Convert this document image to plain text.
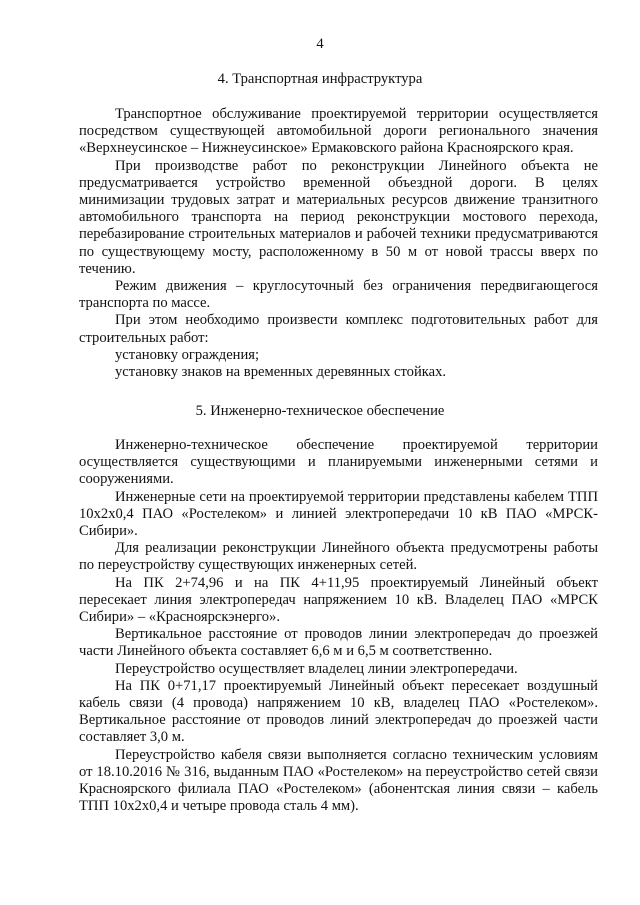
4
4. Транспортная инфраструктура

Транспортное обслуживание проектируемой территории осуществляется посредством существующей автомобильной дороги регионального значения «Верхнеусинское – Нижнеусинское» Ермаковского района Красноярского края.

При производстве работ по реконструкции Линейного объекта не предусматривается устройство временной объездной дороги. В целях минимизации трудовых затрат и материальных ресурсов движение транзитного автомобильного транспорта на период реконструкции мостового перехода, перебазирование строительных материалов и рабочей техники предусматриваются по существующему мосту, расположенному в 50 м от новой трассы вверх по течению.

Режим движения – круглосуточный без ограничения передвигающегося транспорта по массе.

При этом необходимо произвести комплекс подготовительных работ для строительных работ:

установку ограждения;

установку знаков на временных деревянных стойках.

5. Инженерно-техническое обеспечение

Инженерно-техническое обеспечение проектируемой территории осуществляется существующими и планируемыми инженерными сетями и сооружениями.

Инженерные сети на проектируемой территории представлены кабелем ТПП 10х2х0,4 ПАО «Ростелеком» и линией электропередачи 10 кВ ПАО «МРСК-Сибири».

Для реализации реконструкции Линейного объекта предусмотрены работы по переустройству существующих инженерных сетей.

На ПК 2+74,96 и на ПК 4+11,95 проектируемый Линейный объект пересекает линия электропередач напряжением 10 кВ. Владелец ПАО «МРСК Сибири» – «Красноярскэнерго».

Вертикальное расстояние от проводов линии электропередач до проезжей части Линейного объекта составляет 6,6 м и 6,5 м соответственно.

Переустройство осуществляет владелец линии электропередачи.

На ПК 0+71,17 проектируемый Линейный объект пересекает воздушный кабель связи (4 провода) напряжением 10 кВ, владелец ПАО «Ростелеком». Вертикальное расстояние от проводов линий электропередач до проезжей части составляет 3,0 м.

Переустройство кабеля связи выполняется согласно техническим условиям от 18.10.2016 № 316, выданным ПАО «Ростелеком» на переустройство сетей связи Красноярского филиала ПАО «Ростелеком» (абонентская линия связи – кабель ТПП 10х2х0,4 и четыре провода сталь 4 мм).
